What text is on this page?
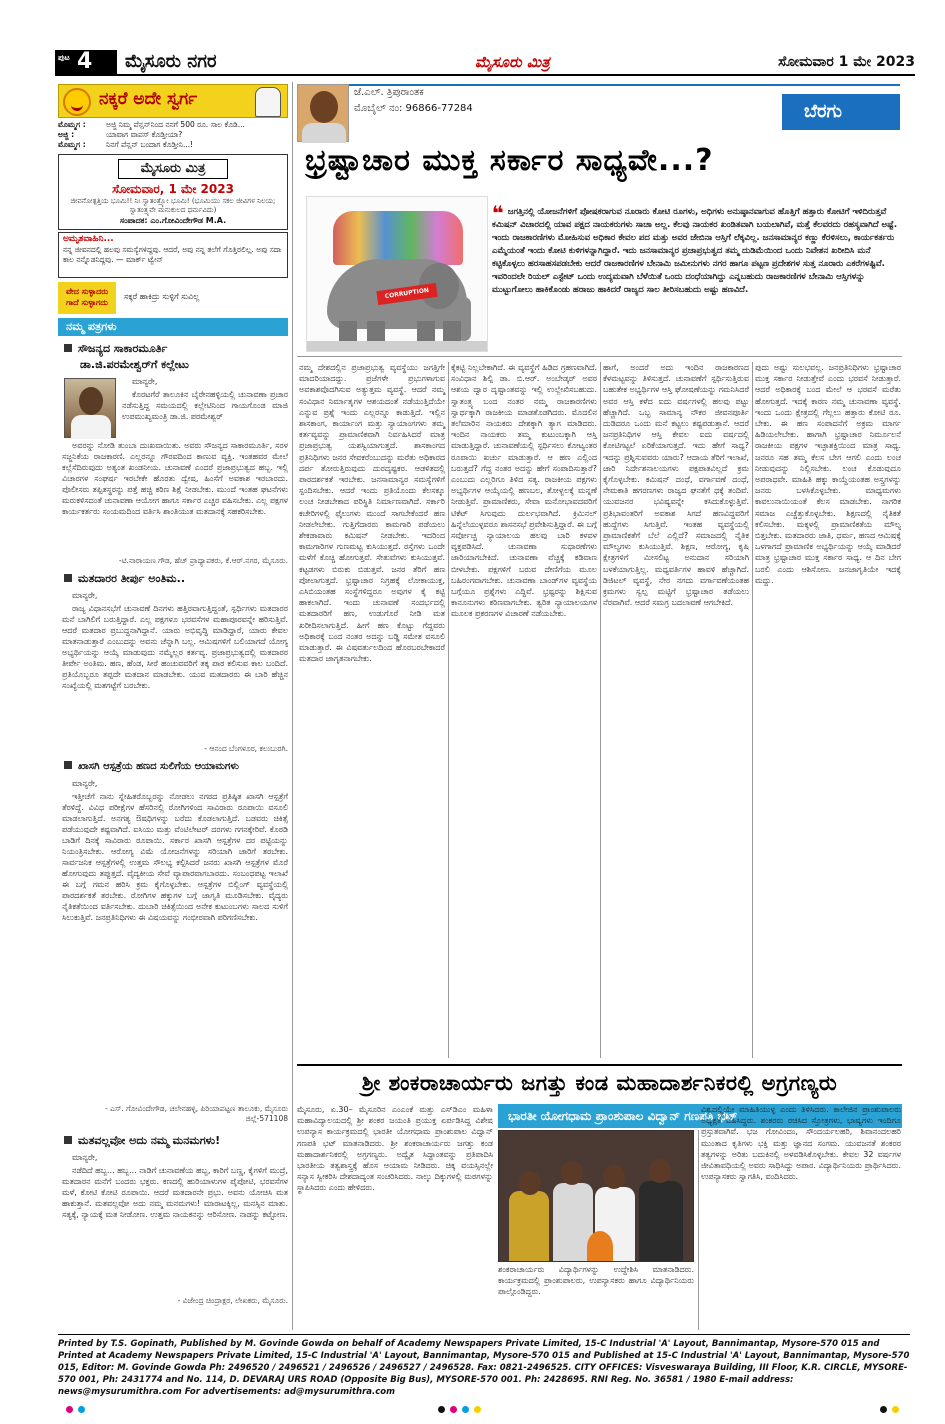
ಪುಟ 4 ಮೈಸೂರು ನಗರ	ಮೈಸೂರು ಮಿತ್ರ	ಸೋಮವಾರ 1 ಮೇ 2023
ನಕ್ಕರೆ ಅದೇ ಸ್ವರ್ಗ
ಮೊಮ್ಮಗ :	ಅಜ್ಜಿ ನಿಮ್ಮ ಪೆನ್ಷನ್‌ನಿಂದ ನನಗೆ 500 ರೂ. ಸಾಲ ಕೊಡಿ...
ಅಜ್ಜಿ :	ಯಾವಾಗ ವಾಪಸ್ ಕೊಡ್ತೀಯಾ?
ಮೊಮ್ಮಗ :	ನಿನಗೆ ಪೆನ್ಷನ್ ಬಂದಾಗ ಕೊಡ್ತೀನಿ...!
ಮೈಸೂರು ಮಿತ್ರ
ಸೋಮವಾರ, 1 ಮೇ 2023
ಜೀವನೋತ್ಪತ್ತಿಯ ಭೂಮಿ!! ನಿಃ ಸ್ವಾತಂತ್ರ್ಯೋ ಭೂಮಿ! (ಭೂಮಿಯು ಸಕಲ ಜೀವಿಗಳ ನಿಲಯ; ಸ್ವಾತಂತ್ರ್ಯವೇ ಮನುಕುಲದ ಧರ್ಮವಿದು)
ಸಂಪಾದಕ: ಎಂ.ಗೋವಿಂದೇಗೌಡ M.A.
ಅಮೃತವಾಹಿನಿ...
ನನ್ನ ಜೀವನದಲ್ಲಿ ಹಲವು ಸಮಸ್ಯೆಗಳಿದ್ದವು. ಆದರೆ, ಅವು ನನ್ನ ತಲೆಗೆ ಗೊತ್ತಿರಲಿಲ್ಲ. ಅವು ಸದಾ ಕಾಲ ನನ್ನೊಡನಿದ್ದವು. — ಮಾರ್ಕ್ ಟ್ವೇನ್
ವೇದ ಸುಳ್ಳಾದರು ಗಾದೆ ಸುಳ್ಳಾಗದು
ಸಕ್ಕರೆ ಹಾಕಿದ್ರು ಸುಳ್ಳಿಗೆ ಸುವಿಲ್ಲ
ನಮ್ಮ ಪತ್ರಗಳು
ಸೌಜನ್ಯದ ಸಾಕಾರಮೂರ್ತಿ
ಡಾ.ಜಿ.ಪರಮೇಶ್ವರ್‌ಗೆ ಕಲ್ಲೇಟು

ಮಾನ್ಯರೇ,

ಕೊರಟಗೆರೆ ತಾಲೂಕಿನ ಬೈರೇನಹಳ್ಳಿಯಲ್ಲಿ ಚುನಾವಣಾ ಪ್ರಚಾರ ನಡೆಸುತ್ತಿದ್ದ ಸಮಯದಲ್ಲಿ ಕಲ್ಲೇಟಿನಿಂದ ಗಾಯಗೊಂಡ ಮಾಜಿ ಉಪಮುಖ್ಯಮಂತ್ರಿ ಡಾ.ಜಿ. ಪರಮೇಶ್ವರ್

ಅವರನ್ನು ನೋಡಿ ತುಂಬಾ ದುಃಖವಾಯಿತು. ಅವರು ಸೌಜನ್ಯದ ಸಾಕಾರಮೂರ್ತಿ, ಸರಳ ಸಜ್ಜನಿಕೆಯ ರಾಜಕಾರಣಿ. ಎಲ್ಲರನ್ನೂ ಗೌರವದಿಂದ ಕಾಣುವ ವ್ಯಕ್ತಿ. ಇಂತಹವರ ಮೇಲೆ ಕಲ್ಲೆಸೆದಿರುವುದು ಅತ್ಯಂತ ಖಂಡನೀಯ. ಚುನಾವಣೆ ಎಂದರೆ ಪ್ರಜಾಪ್ರಭುತ್ವದ ಹಬ್ಬ. ಇಲ್ಲಿ ವಿಚಾರಗಳ ಸಂಘರ್ಷ ಇರಬೇಕೇ ಹೊರತು ದ್ವೇಷ, ಹಿಂಸೆಗೆ ಅವಕಾಶ ಇರಬಾರದು. ಪೊಲೀಸರು ತಪ್ಪಿತಸ್ಥರನ್ನು ಪತ್ತೆ ಹಚ್ಚಿ ಕಠಿಣ ಶಿಕ್ಷೆ ನೀಡಬೇಕು. ಮುಂದೆ ಇಂತಹ ಘಟನೆಗಳು ಮರುಕಳಿಸದಂತೆ ಚುನಾವಣಾ ಆಯೋಗ ಹಾಗೂ ಸರ್ಕಾರ ಎಚ್ಚರ ವಹಿಸಬೇಕು. ಎಲ್ಲ ಪಕ್ಷಗಳ ಕಾರ್ಯಕರ್ತರು ಸಂಯಮದಿಂದ ವರ್ತಿಸಿ ಶಾಂತಿಯುತ ಮತದಾನಕ್ಕೆ ಸಹಕರಿಸಬೇಕು.

-ಟಿ.ನಾರಾಯಣ ಗೌಡ, ಹೆಚ್‌ ಪ್ರಾಧ್ಯಾಪಕರು, ಕೆ.ಆರ್.ನಗರ, ಮೈಸೂರು.
ಮತದಾರರ ತೀರ್ಪು ಅಂತಿಮ..

ಮಾನ್ಯರೇ,

ರಾಜ್ಯ ವಿಧಾನಸಭೆಗೆ ಚುನಾವಣೆ ದಿನಗಳು ಹತ್ತಿರವಾಗುತ್ತಿದ್ದಂತೆ, ಸ್ಪರ್ಧಿಗಳು ಮತದಾರರ ಮನೆ ಬಾಗಿಲಿಗೆ ಬರುತ್ತಿದ್ದಾರೆ. ಎಲ್ಲ ಪಕ್ಷಗಳೂ ಭರವಸೆಗಳ ಮಹಾಪೂರವನ್ನೇ ಹರಿಸುತ್ತಿವೆ. ಆದರೆ ಮತದಾರ ಪ್ರಬುದ್ಧನಾಗಿದ್ದಾನೆ. ಯಾರು ಅಭಿವೃದ್ಧಿ ಮಾಡಿದ್ದಾರೆ, ಯಾರು ಕೇವಲ ಮಾತನಾಡುತ್ತಾರೆ ಎಂಬುದನ್ನು ಅವನು ಚೆನ್ನಾಗಿ ಬಲ್ಲ. ಆಮಿಷಗಳಿಗೆ ಬಲಿಯಾಗದೆ ಯೋಗ್ಯ ಅಭ್ಯರ್ಥಿಯನ್ನು ಆಯ್ಕೆ ಮಾಡುವುದು ನಮ್ಮೆಲ್ಲರ ಕರ್ತವ್ಯ. ಪ್ರಜಾಪ್ರಭುತ್ವದಲ್ಲಿ ಮತದಾರರ ತೀರ್ಪೇ ಅಂತಿಮ. ಹಣ, ಹೆಂಡ, ಸೀರೆ ಹಂಚುವವರಿಗೆ ತಕ್ಕ ಪಾಠ ಕಲಿಸುವ ಕಾಲ ಬಂದಿದೆ. ಪ್ರತಿಯೊಬ್ಬರೂ ತಪ್ಪದೇ ಮತದಾನ ಮಾಡಬೇಕು. ಯುವ ಮತದಾರರು ಈ ಬಾರಿ ಹೆಚ್ಚಿನ ಸಂಖ್ಯೆಯಲ್ಲಿ ಮತಗಟ್ಟೆಗೆ ಬರಬೇಕು.

- ಆನಂದ ಬೆಂಗಳೂರ, ಕಲುಬುರಗಿ.
ಖಾಸಗಿ ಆಸ್ಪತ್ರೆಯ ಹಣದ ಸುಲಿಗೆಯ ಆಯಾಮಗಳು

ಮಾನ್ಯರೇ,

ಇತ್ತೀಚೆಗೆ ನಾನು ಸ್ನೇಹಿತರೊಬ್ಬರನ್ನು ನೋಡಲು ನಗರದ ಪ್ರತಿಷ್ಠಿತ ಖಾಸಗಿ ಆಸ್ಪತ್ರೆಗೆ ತೆರಳಿದ್ದೆ. ವಿವಿಧ ಪರೀಕ್ಷೆಗಳ ಹೆಸರಿನಲ್ಲಿ ರೋಗಿಗಳಿಂದ ಸಾವಿರಾರು ರೂಪಾಯಿ ವಸೂಲಿ ಮಾಡಲಾಗುತ್ತಿದೆ. ಅನಗತ್ಯ ಔಷಧಿಗಳನ್ನು ಬರೆದು ಕೊಡಲಾಗುತ್ತಿದೆ. ಬಡವರು ಚಿಕಿತ್ಸೆ ಪಡೆಯುವುದೇ ಕಷ್ಟವಾಗಿದೆ. ಐಸಿಯು ಮತ್ತು ವೆಂಟಿಲೇಟರ್ ದರಗಳು ಗಗನಕ್ಕೇರಿವೆ. ಕೊಠಡಿ ಬಾಡಿಗೆ ದಿನಕ್ಕೆ ಸಾವಿರಾರು ರೂಪಾಯಿ. ಸರ್ಕಾರ ಖಾಸಗಿ ಆಸ್ಪತ್ರೆಗಳ ದರ ಪಟ್ಟಿಯನ್ನು ನಿಯಂತ್ರಿಸಬೇಕು. ಆರೋಗ್ಯ ವಿಮೆ ಯೋಜನೆಗಳನ್ನು ಸರಿಯಾಗಿ ಜಾರಿಗೆ ತರಬೇಕು. ಸಾರ್ವಜನಿಕ ಆಸ್ಪತ್ರೆಗಳಲ್ಲಿ ಉತ್ತಮ ಸೌಲಭ್ಯ ಕಲ್ಪಿಸಿದರೆ ಜನರು ಖಾಸಗಿ ಆಸ್ಪತ್ರೆಗಳ ಮೊರೆ ಹೋಗುವುದು ತಪ್ಪುತ್ತದೆ. ವೈದ್ಯಕೀಯ ಸೇವೆ ವ್ಯಾಪಾರವಾಗಬಾರದು. ಸಂಬಂಧಪಟ್ಟ ಇಲಾಖೆ ಈ ಬಗ್ಗೆ ಗಮನ ಹರಿಸಿ ಕ್ರಮ ಕೈಗೊಳ್ಳಬೇಕು. ಆಸ್ಪತ್ರೆಗಳ ಬಿಲ್ಲಿಂಗ್ ವ್ಯವಸ್ಥೆಯಲ್ಲಿ ಪಾರದರ್ಶಕತೆ ತರಬೇಕು. ರೋಗಿಗಳ ಹಕ್ಕುಗಳ ಬಗ್ಗೆ ಜಾಗೃತಿ ಮೂಡಿಸಬೇಕು. ವೈದ್ಯರು ನೈತಿಕತೆಯಿಂದ ವರ್ತಿಸಬೇಕು. ದುಬಾರಿ ಚಿಕಿತ್ಸೆಯಿಂದ ಅನೇಕ ಕುಟುಂಬಗಳು ಸಾಲದ ಸುಳಿಗೆ ಸಿಲುಕುತ್ತಿವೆ. ಜನಪ್ರತಿನಿಧಿಗಳು ಈ ವಿಷಯವನ್ನು ಗಂಭೀರವಾಗಿ ಪರಿಗಣಿಸಬೇಕು.

- ಎಸ್. ಗೋವಿಂದೇಗೌಡ, ಚಲೇನಹಳ್ಳಿ, ಪಿರಿಯಾಪಟ್ಟಣ ತಾಲೂಕು, ಮೈಸೂರು ಜಿಲ್ಲೆ-571108
ಮತವಲ್ಲವೋ ಅದು ನಮ್ಮ ಮನಮಗಳು!

ಮಾನ್ಯರೇ,

ನಡೆದಿದೆ ಹಬ್ಬ... ಹಬ್ಬ... ನಾಡಿಗೆ ಚುನಾವಣೆಯ ಹಬ್ಬ, ಕಾರಿಗೆ ಬಣ್ಣ, ಕೈಗಳಿಗೆ ಮುದ್ರೆ, ಮತದಾರನ ಮನೆಗೆ ಬಂದರು ಭಕ್ತರು. ಕಣದಲ್ಲಿ ಹುರಿಯಾಳುಗಳ ಪೈಪೋಟಿ, ಭರವಸೆಗಳ ಮಳೆ, ಕೋಟಿ ಕೋಟಿ ರೂಪಾಯಿ. ಆದರೆ ಮತದಾರನೇ ಪ್ರಭು. ಅವನು ಯೋಚಿಸಿ ಮತ ಹಾಕುತ್ತಾನೆ. ಮತವಲ್ಲವೋ ಅದು ನಮ್ಮ ಮನಮಗಳು! ಮಾರಾಟಕ್ಕಿಲ್ಲ, ಮನಸ್ಸಿನ ಮಾತು. ಸತ್ಯಕ್ಕೆ, ನ್ಯಾಯಕ್ಕೆ ಮತ ನೀಡೋಣ. ಉತ್ತಮ ನಾಯಕನನ್ನು ಆರಿಸೋಣ. ನಾಡನ್ನು ಕಟ್ಟೋಣ.

- ವಿಜೇಂದ್ರ ಚಿಂದ್ರಾಕ್ಷರ, ಲೇಖಕರು, ಮೈಸೂರು.
ಜೆ.ಎಲ್. ತ್ರಿಪುರಾಂತಕ
ಮೊಬೈಲ್ ನಂ: 96866-77284	ಬೆರಗು
ಭ್ರಷ್ಟಾಚಾರ ಮುಕ್ತ ಸರ್ಕಾರ ಸಾಧ್ಯವೇ...?
CORRUPTION
❝ ಜಗತ್ತಿನಲ್ಲಿ ಯೋಜನೆಗಳಿಗೆ ಪೋಷಕರಾಗುವ ನೂರಾರು ಕೋಟಿ ರೂಗಳು, ಅಧಿಗಳು ಅನುಷ್ಠಾನವಾಗುವ ಹೊತ್ತಿಗೆ ಹತ್ತಾರು ಕೋಟಿಗೆ ಇಳಿದಿರುತ್ತವೆ ಕಮಿಷನ್ ವಿಚಾರದಲ್ಲಿ ಯಾವ ಪಕ್ಷದ ನಾಯಕರುಗಳು ಸಾಚಾ ಅಲ್ಲ. ಕೆಲವು ನಾಯಕರ ಖಂಡಿತವಾಗಿ ಬಯಲಾಗಿವೆ, ಮತ್ತೆ ಕೆಲವರದು ರಹಸ್ಯವಾಗಿದೆ ಅಷ್ಟೆ. ಇಂದು ರಾಜಕಾರಣಿಗಳು ಮೋಹಿಸುವ ಅಧಿಕಾರ ಕೇವಲ ಪದ ಮತ್ತು ಅವರ ಜೇಬಿನಾ ಆಸ್ತಿಗೆ ಲೆಕ್ಕವಿಲ್ಲ. ಜನಸಾಮಾನ್ಯರ ಕಣ್ಣು ಕೆರಳಿಸಲು, ಕಾರ್ಯಕರ್ತರು ಎಮ್ಮೆಯಂತೆ ಇಂದು ಕೋಟಿ ಕುಳಿಗಳನ್ನಾಗಿದ್ದಾರೆ. ಇದು ಜನಸಾಮಾನ್ಯರ ಪ್ರಜಾಪ್ರಭುತ್ವದ ತಮ್ಮ ದುಡಿಮೆಯಿಂದ ಒಂದು ನಿವೇಶನ ಖರೀದಿಸಿ ಮನೆ ಕಟ್ಟಿಕೊಳ್ಳಲು ಹರಸಾಹಸಪಡಬೇಕು ಆದರೆ ರಾಜಕಾರಣಿಗಳ ಬೇನಾಮಿ ಜಮೀನುಗಳು ನಗರ ಹಾಗೂ ಪಟ್ಟಣ ಪ್ರದೇಶಗಳ ಸುತ್ತ ನೂರಾರು ಎಕರೆಗಳಷ್ಟಿವೆ. ಇವರಿಂದಲೇ ರಿಯಲ್ ಎಸ್ಟೇಟ್ ಒಂದು ಉದ್ಯಮವಾಗಿ ಬೆಳೆಯಿತೆ ಒಂದು ದಂಧೆಯಾಗಿದ್ದು ಎನ್ನಬಹುದು ರಾಜಕಾರಣಿಗಳ ಬೇನಾಮಿ ಆಸ್ತಿಗಳನ್ನು ಮುಟ್ಟುಗೋಲು ಹಾಕಿಕೊಂಡು ಹರಾಜು ಹಾಕಿದರೆ ರಾಜ್ಯದ ಸಾಲ ತೀರಿಸಬಹುದು ಅಷ್ಟು ಹಣವಿದೆ.

ನಮ್ಮ ದೇಶದಲ್ಲಿನ ಪ್ರಜಾಪ್ರಭುತ್ವ ವ್ಯವಸ್ಥೆಯು ಜಗತ್ತಿಗೇ ಮಾದರಿಯಾದದ್ದು. ಪ್ರಜೆಗಳೇ ಪ್ರಭುಗಳಾಗುವ ಅವಕಾಶವೊದಗಿಸುವ ಅತ್ಯುತ್ತಮ ವ್ಯವಸ್ಥೆ. ಆದರೆ ನಮ್ಮ ಸಂವಿಧಾನ ನಿರ್ಮಾತೃಗಳ ಆಶಯದಂತೆ ನಡೆಯುತ್ತಿದೆಯೇ ಎನ್ನುವ ಪ್ರಶ್ನೆ ಇಂದು ಎಲ್ಲರನ್ನೂ ಕಾಡುತ್ತಿದೆ. ಇಲ್ಲಿನ ಶಾಸಕಾಂಗ, ಕಾರ್ಯಾಂಗ ಮತ್ತು ನ್ಯಾಯಾಂಗಗಳು ತಮ್ಮ ಕರ್ತವ್ಯವನ್ನು ಪ್ರಾಮಾಣಿಕವಾಗಿ ನಿರ್ವಹಿಸಿದರೆ ಮಾತ್ರ ಪ್ರಜಾಪ್ರಭುತ್ವ ಯಶಸ್ವಿಯಾಗುತ್ತದೆ. ಶಾಸಕಾಂಗದ ಪ್ರತಿನಿಧಿಗಳು ಜನರ ಸೇವಕರೆಂಬುದನ್ನು ಮರೆತು ಅಧಿಕಾರದ ದರ್ಪ ತೋರುತ್ತಿರುವುದು ದುರದೃಷ್ಟಕರ. ಆಡಳಿತದಲ್ಲಿ ಪಾರದರ್ಶಕತೆ ಇರಬೇಕು. ಜನಸಾಮಾನ್ಯರ ಸಮಸ್ಯೆಗಳಿಗೆ ಸ್ಪಂದಿಸಬೇಕು. ಆದರೆ ಇಂದು ಪ್ರತಿಯೊಂದು ಕೆಲಸಕ್ಕೂ ಲಂಚ ನೀಡಬೇಕಾದ ಪರಿಸ್ಥಿತಿ ನಿರ್ಮಾಣವಾಗಿದೆ. ಸರ್ಕಾರಿ ಕಚೇರಿಗಳಲ್ಲಿ ಫೈಲುಗಳು ಮುಂದೆ ಸಾಗಬೇಕೆಂದರೆ ಹಣ ನೀಡಲೇಬೇಕು. ಗುತ್ತಿಗೆದಾರರು ಕಾಮಗಾರಿ ಪಡೆಯಲು ಶೇಕಡಾವಾರು ಕಮಿಷನ್ ನೀಡಬೇಕು. ಇದರಿಂದ ಕಾಮಗಾರಿಗಳ ಗುಣಮಟ್ಟ ಕುಸಿಯುತ್ತದೆ. ರಸ್ತೆಗಳು ಒಂದೇ ಮಳೆಗೆ ಕೊಚ್ಚಿ ಹೋಗುತ್ತವೆ. ಸೇತುವೆಗಳು ಕುಸಿಯುತ್ತವೆ. ಕಟ್ಟಡಗಳು ಬಿರುಕು ಬಿಡುತ್ತವೆ. ಜನರ ತೆರಿಗೆ ಹಣ ಪೋಲಾಗುತ್ತದೆ. ಭ್ರಷ್ಟಾಚಾರ ನಿಗ್ರಹಕ್ಕೆ ಲೋಕಾಯುಕ್ತ, ಎಸಿಬಿಯಂತಹ ಸಂಸ್ಥೆಗಳಿದ್ದರೂ ಅವುಗಳ ಕೈ ಕಟ್ಟಿ ಹಾಕಲಾಗಿದೆ. ಇಂದು ಚುನಾವಣೆ ಸಂದರ್ಭದಲ್ಲಿ ಮತದಾರರಿಗೆ ಹಣ, ಉಡುಗೊರೆ ನೀಡಿ ಮತ ಖರೀದಿಸಲಾಗುತ್ತಿದೆ. ಹೀಗೆ ಹಣ ಕೊಟ್ಟು ಗೆದ್ದವರು ಅಧಿಕಾರಕ್ಕೆ ಬಂದ ನಂತರ ಅದನ್ನು ಬಡ್ಡಿ ಸಮೇತ ವಸೂಲಿ ಮಾಡುತ್ತಾರೆ. ಈ ವಿಷವರ್ತುಲದಿಂದ ಹೊರಬರಬೇಕಾದರೆ ಮತದಾರ ಜಾಗೃತನಾಗಬೇಕು.

ಕೈಕಟ್ಟಿ ನಿಲ್ಲಬೇಕಾಗಿದೆ. ಈ ವ್ಯವಸ್ಥೆಗೆ ಹಿಡಿದ ಗ್ರಹಣವಾಗಿದೆ. ಸಂವಿಧಾನ ಶಿಲ್ಪಿ ಡಾ. ಬಿ.ಆರ್. ಅಂಬೇಡ್ಕರ್ ಅವರ ಆಶಯ ದ್ವಾರ ದೃಷ್ಟಾಂತವನ್ನು ಇಲ್ಲಿ ಉಲ್ಲೇಖಿಸಬಹುದು. ಸ್ವಾತಂತ್ರ್ಯ ಬಂದ ನಂತರ ನಮ್ಮ ರಾಜಕಾರಣಿಗಳು ಸ್ವಾರ್ಥಕ್ಕಾಗಿ ರಾಜಕೀಯ ಮಾಡತೊಡಗಿದರು. ಮೊದಲಿನ ತಲೆಮಾರಿನ ನಾಯಕರು ದೇಶಕ್ಕಾಗಿ ತ್ಯಾಗ ಮಾಡಿದರು. ಇಂದಿನ ನಾಯಕರು ತಮ್ಮ ಕುಟುಂಬಕ್ಕಾಗಿ ಆಸ್ತಿ ಮಾಡುತ್ತಿದ್ದಾರೆ. ಚುನಾವಣೆಯಲ್ಲಿ ಸ್ಪರ್ಧಿಸಲು ಕೋಟ್ಯಂತರ ರೂಪಾಯಿ ಖರ್ಚು ಮಾಡುತ್ತಾರೆ. ಆ ಹಣ ಎಲ್ಲಿಂದ ಬರುತ್ತದೆ? ಗೆದ್ದ ನಂತರ ಅದನ್ನು ಹೇಗೆ ಸಂಪಾದಿಸುತ್ತಾರೆ? ಎಂಬುದು ಎಲ್ಲರಿಗೂ ತಿಳಿದ ಸತ್ಯ. ರಾಜಕೀಯ ಪಕ್ಷಗಳು ಅಭ್ಯರ್ಥಿಗಳ ಆಯ್ಕೆಯಲ್ಲಿ ಹಣಬಲ, ತೋಳ್ಬಲಕ್ಕೆ ಮನ್ನಣೆ ನೀಡುತ್ತಿವೆ. ಪ್ರಾಮಾಣಿಕರು, ಸೇವಾ ಮನೋಭಾವದವರಿಗೆ ಟಿಕೆಟ್ ಸಿಗುವುದು ದುರ್ಲಭವಾಗಿದೆ. ಕ್ರಿಮಿನಲ್ ಹಿನ್ನೆಲೆಯುಳ್ಳವರೂ ಶಾಸನಸಭೆ ಪ್ರವೇಶಿಸುತ್ತಿದ್ದಾರೆ. ಈ ಬಗ್ಗೆ ಸರ್ವೋಚ್ಚ ನ್ಯಾಯಾಲಯ ಹಲವು ಬಾರಿ ಕಳವಳ ವ್ಯಕ್ತಪಡಿಸಿದೆ. ಚುನಾವಣಾ ಸುಧಾರಣೆಗಳು ಜಾರಿಯಾಗಬೇಕಿದೆ. ಚುನಾವಣಾ ವೆಚ್ಚಕ್ಕೆ ಕಡಿವಾಣ ಬೀಳಬೇಕು. ಪಕ್ಷಗಳಿಗೆ ಬರುವ ದೇಣಿಗೆಯ ಮೂಲ ಬಹಿರಂಗವಾಗಬೇಕು. ಚುನಾವಣಾ ಬಾಂಡ್‌ಗಳ ವ್ಯವಸ್ಥೆಯ ಬಗ್ಗೆಯೂ ಪ್ರಶ್ನೆಗಳು ಎದ್ದಿವೆ. ಭ್ರಷ್ಟರನ್ನು ಶಿಕ್ಷಿಸುವ ಕಾನೂನುಗಳು ಕಠಿಣವಾಗಬೇಕು. ತ್ವರಿತ ನ್ಯಾಯಾಲಯಗಳ ಮೂಲಕ ಪ್ರಕರಣಗಳ ವಿಚಾರಣೆ ನಡೆಯಬೇಕು.

ಹಾಗೆ, ಅಂದರೆ ಅದು ಇಂದಿನ ರಾಜಕಾರಣದ ಕೆಳಮಟ್ಟವನ್ನು ತಿಳಿಸುತ್ತದೆ. ಚುನಾವಣೆಗೆ ಸ್ಪರ್ಧಿಸುತ್ತಿರುವ ಬಹುತೇಕ ಅಭ್ಯರ್ಥಿಗಳ ಆಸ್ತಿ ಘೋಷಣೆಯನ್ನು ಗಮನಿಸಿದರೆ ಅವರ ಆಸ್ತಿ ಕಳೆದ ಐದು ವರ್ಷಗಳಲ್ಲಿ ಹಲವು ಪಟ್ಟು ಹೆಚ್ಚಾಗಿದೆ. ಒಬ್ಬ ಸಾಮಾನ್ಯ ನೌಕರ ಜೀವನಪೂರ್ತಿ ದುಡಿದರೂ ಒಂದು ಮನೆ ಕಟ್ಟಲು ಕಷ್ಟಪಡುತ್ತಾನೆ. ಆದರೆ ಜನಪ್ರತಿನಿಧಿಗಳ ಆಸ್ತಿ ಕೇವಲ ಐದು ವರ್ಷದಲ್ಲಿ ಕೋಟಿಗಟ್ಟಲೆ ಏರಿಕೆಯಾಗುತ್ತದೆ. ಇದು ಹೇಗೆ ಸಾಧ್ಯ? ಇದನ್ನು ಪ್ರಶ್ನಿಸುವವರು ಯಾರು? ಆದಾಯ ತೆರಿಗೆ ಇಲಾಖೆ, ಜಾರಿ ನಿರ್ದೇಶನಾಲಯಗಳು ಪಕ್ಷಪಾತವಿಲ್ಲದೆ ಕ್ರಮ ಕೈಗೊಳ್ಳಬೇಕು. ಕಮಿಷನ್ ದಂಧೆ, ವರ್ಗಾವಣೆ ದಂಧೆ, ನೇಮಕಾತಿ ಹಗರಣಗಳು ರಾಜ್ಯದ ಘನತೆಗೆ ಧಕ್ಕೆ ತಂದಿವೆ. ಯುವಜನರ ಭವಿಷ್ಯವನ್ನೇ ಕಸಿದುಕೊಳ್ಳುತ್ತಿವೆ. ಪ್ರತಿಭಾವಂತರಿಗೆ ಅವಕಾಶ ಸಿಗದೆ ಹಣವಿದ್ದವರಿಗೆ ಹುದ್ದೆಗಳು ಸಿಗುತ್ತಿವೆ. ಇಂತಹ ವ್ಯವಸ್ಥೆಯಲ್ಲಿ ಪ್ರಾಮಾಣಿಕತೆಗೆ ಬೆಲೆ ಎಲ್ಲಿದೆ? ಸಮಾಜದಲ್ಲಿ ನೈತಿಕ ಮೌಲ್ಯಗಳು ಕುಸಿಯುತ್ತಿವೆ. ಶಿಕ್ಷಣ, ಆರೋಗ್ಯ, ಕೃಷಿ ಕ್ಷೇತ್ರಗಳಿಗೆ ಮೀಸಲಿಟ್ಟ ಅನುದಾನ ಸರಿಯಾಗಿ ಬಳಕೆಯಾಗುತ್ತಿಲ್ಲ. ಮಧ್ಯವರ್ತಿಗಳ ಹಾವಳಿ ಹೆಚ್ಚಾಗಿದೆ. ಡಿಜಿಟಲ್ ವ್ಯವಸ್ಥೆ, ನೇರ ನಗದು ವರ್ಗಾವಣೆಯಂತಹ ಕ್ರಮಗಳು ಸ್ವಲ್ಪ ಮಟ್ಟಿಗೆ ಭ್ರಷ್ಟಾಚಾರ ತಡೆಯಲು ನೆರವಾಗಿವೆ. ಆದರೆ ಸಮಗ್ರ ಬದಲಾವಣೆ ಆಗಬೇಕಿದೆ.

ಪುದು ಅಷ್ಟು ಸುಲಭವಲ್ಲ. ಜನಪ್ರತಿನಿಧಿಗಳು ಭ್ರಷ್ಟಾಚಾರ ಮುಕ್ತ ಸರ್ಕಾರ ನೀಡುತ್ತೇವೆ ಎಂದು ಭರವಸೆ ನೀಡುತ್ತಾರೆ. ಆದರೆ ಅಧಿಕಾರಕ್ಕೆ ಬಂದ ಮೇಲೆ ಆ ಭರವಸೆ ಮರೆತು ಹೋಗುತ್ತದೆ. ಇದಕ್ಕೆ ಕಾರಣ ನಮ್ಮ ಚುನಾವಣಾ ವ್ಯವಸ್ಥೆ. ಇಂದು ಒಂದು ಕ್ಷೇತ್ರದಲ್ಲಿ ಗೆಲ್ಲಲು ಹತ್ತಾರು ಕೋಟಿ ರೂ. ಬೇಕು. ಈ ಹಣ ಸಂಪಾದನೆಗೆ ಅಕ್ರಮ ಮಾರ್ಗ ಹಿಡಿಯಲೇಬೇಕು. ಹಾಗಾಗಿ ಭ್ರಷ್ಟಾಚಾರ ನಿರ್ಮೂಲನೆ ರಾಜಕೀಯ ಪಕ್ಷಗಳ ಇಚ್ಛಾಶಕ್ತಿಯಿಂದ ಮಾತ್ರ ಸಾಧ್ಯ. ಜನರೂ ಸಹ ತಮ್ಮ ಕೆಲಸ ಬೇಗ ಆಗಲಿ ಎಂದು ಲಂಚ ನೀಡುವುದನ್ನು ನಿಲ್ಲಿಸಬೇಕು. ಲಂಚ ಕೊಡುವುದೂ ಅಪರಾಧವೇ. ಮಾಹಿತಿ ಹಕ್ಕು ಕಾಯ್ದೆಯಂತಹ ಅಸ್ತ್ರಗಳನ್ನು ಜನರು ಬಳಸಿಕೊಳ್ಳಬೇಕು. ಮಾಧ್ಯಮಗಳು ಕಾವಲುನಾಯಿಯಂತೆ ಕೆಲಸ ಮಾಡಬೇಕು. ನಾಗರಿಕ ಸಮಾಜ ಎಚ್ಚೆತ್ತುಕೊಳ್ಳಬೇಕು. ಶಿಕ್ಷಣದಲ್ಲಿ ನೈತಿಕತೆ ಕಲಿಸಬೇಕು. ಮಕ್ಕಳಲ್ಲಿ ಪ್ರಾಮಾಣಿಕತೆಯ ಮೌಲ್ಯ ಬಿತ್ತಬೇಕು. ಮತದಾರರು ಜಾತಿ, ಧರ್ಮ, ಹಣದ ಆಮಿಷಕ್ಕೆ ಒಳಗಾಗದೆ ಪ್ರಾಮಾಣಿಕ ಅಭ್ಯರ್ಥಿಯನ್ನು ಆಯ್ಕೆ ಮಾಡಿದರೆ ಮಾತ್ರ ಭ್ರಷ್ಟಾಚಾರ ಮುಕ್ತ ಸರ್ಕಾರ ಸಾಧ್ಯ. ಆ ದಿನ ಬೇಗ ಬರಲಿ ಎಂದು ಆಶಿಸೋಣ. ಜನಜಾಗೃತಿಯೇ ಇದಕ್ಕೆ ಮದ್ದು.

ಶ್ರೀ ಶಂಕರಾಚಾರ್ಯರು ಜಗತ್ತು ಕಂಡ ಮಹಾದಾರ್ಶನಿಕರಲ್ಲಿ ಅಗ್ರಗಣ್ಯರು
ಭಾರತೀ ಯೋಗಧಾಮ ಪ್ರಾಂಶುಪಾಲ ವಿದ್ವಾನ್ ಗಣಪತಿ ಭಟ್

ಮೈಸೂರು, ಏ.30– ಮೈಸೂರಿನ ಎಂಎಂಕೆ ಮತ್ತು ಎಸ್‌ಡಿಎಂ ಮಹಿಳಾ ಮಹಾವಿದ್ಯಾಲಯದಲ್ಲಿ ಶ್ರೀ ಶಂಕರ ಜಯಂತಿ ಪ್ರಯುಕ್ತ ಏರ್ಪಡಿಸಿದ್ದ ವಿಶೇಷ ಉಪನ್ಯಾಸ ಕಾರ್ಯಕ್ರಮದಲ್ಲಿ ಭಾರತೀ ಯೋಗಧಾಮ ಪ್ರಾಂಶುಪಾಲ ವಿದ್ವಾನ್ ಗಣಪತಿ ಭಟ್ ಮಾತನಾಡಿದರು. ಶ್ರೀ ಶಂಕರಾಚಾರ್ಯರು ಜಗತ್ತು ಕಂಡ ಮಹಾದಾರ್ಶನಿಕರಲ್ಲಿ ಅಗ್ರಗಣ್ಯರು. ಅದ್ವೈತ ಸಿದ್ಧಾಂತವನ್ನು ಪ್ರತಿಪಾದಿಸಿ ಭಾರತೀಯ ತತ್ವಶಾಸ್ತ್ರಕ್ಕೆ ಹೊಸ ಆಯಾಮ ನೀಡಿದರು. ಚಿಕ್ಕ ವಯಸ್ಸಿನಲ್ಲೇ ಸನ್ಯಾಸ ಸ್ವೀಕರಿಸಿ ದೇಶದಾದ್ಯಂತ ಸಂಚರಿಸಿದರು. ನಾಲ್ಕು ದಿಕ್ಕುಗಳಲ್ಲಿ ಮಠಗಳನ್ನು ಸ್ಥಾಪಿಸಿದರು ಎಂದು ಹೇಳಿದರು.

ಶಂಕರಾಚಾರ್ಯರು ವಿದ್ಯಾರ್ಥಿಗಳನ್ನು ಉದ್ದೇಶಿಸಿ ಮಾತನಾಡಿದರು. ಕಾರ್ಯಕ್ರಮದಲ್ಲಿ ಪ್ರಾಂಶುಪಾಲರು, ಉಪನ್ಯಾಸಕರು ಹಾಗೂ ವಿದ್ಯಾರ್ಥಿನಿಯರು ಪಾಲ್ಗೊಂಡಿದ್ದರು.

ವಿಶ್ವದಲ್ಲಿಯೇ ಮಾಹಿತಿಯುಳ್ಳ ಎಂದು ತಿಳಿಸಿದರು. ಕಾಲೇಜಿನ ಪ್ರಾಂಶುಪಾಲರು ಅಧ್ಯಕ್ಷತೆ ವಹಿಸಿದ್ದರು. ಶಂಕರರು ರಚಿಸಿದ ಸ್ತೋತ್ರಗಳು, ಭಾಷ್ಯಗಳು ಇಂದಿಗೂ ಪ್ರಸ್ತುತವಾಗಿವೆ. ಭಜ ಗೋವಿಂದಂ, ಸೌಂದರ್ಯಲಹರಿ, ಶಿವಾನಂದಲಹರಿ ಮುಂತಾದ ಕೃತಿಗಳು ಭಕ್ತಿ ಮತ್ತು ಜ್ಞಾನದ ಸಂಗಮ. ಯುವಜನತೆ ಶಂಕರರ ತತ್ವಗಳನ್ನು ಅರಿತು ಬದುಕಿನಲ್ಲಿ ಅಳವಡಿಸಿಕೊಳ್ಳಬೇಕು. ಕೇವಲ 32 ವರ್ಷಗಳ ಜೀವಿತಾವಧಿಯಲ್ಲಿ ಅವರು ಸಾಧಿಸಿದ್ದು ಅಪಾರ. ವಿದ್ಯಾರ್ಥಿನಿಯರು ಪ್ರಾರ್ಥಿಸಿದರು. ಉಪನ್ಯಾಸಕರು ಸ್ವಾಗತಿಸಿ, ವಂದಿಸಿದರು.

Printed by T.S. Gopinath, Published by M. Govinde Gowda on behalf of Academy Newspapers Private Limited, 15-C Industrial 'A' Layout, Bannimantap, Mysore-570 015 and Printed at Academy Newspapers Private Limited, 15-C Industrial 'A' Layout, Bannimantap, Mysore-570 015 and Published at 15-C Industrial 'A' Layout, Bannimantap, Mysore-570 015, Editor: M. Govinde Gowda Ph: 2496520 / 2496521 / 2496526 / 2496527 / 2496528. Fax: 0821-2496525. CITY OFFICES: Visveswaraya Building, III Floor, K.R. CIRCLE, MYSORE-570 001, Ph: 2431774 and No. 114, D. DEVARAJ URS ROAD (Opposite Big Bus), MYSORE-570 001. Ph: 2428695. RNI Reg. No. 36581 / 1980 E-mail address: news@mysurumithra.com For advertisements: ad@mysurumithra.com
